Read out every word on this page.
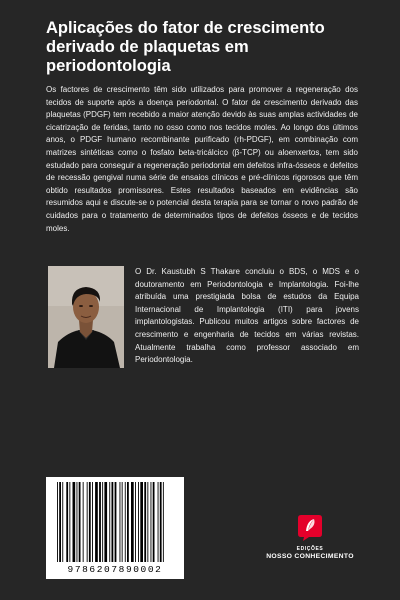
Aplicações do fator de crescimento derivado de plaquetas em periodontologia

Os factores de crescimento têm sido utilizados para promover a regeneração dos tecidos de suporte após a doença periodontal. O fator de crescimento derivado das plaquetas (PDGF) tem recebido a maior atenção devido às suas amplas actividades de cicatrização de feridas, tanto no osso como nos tecidos moles. Ao longo dos últimos anos, o PDGF humano recombinante purificado (rh-PDGF), em combinação com matrizes sintéticas como o fosfato beta-tricálcico (β-TCP) ou aloenxertos, tem sido estudado para conseguir a regeneração periodontal em defeitos infra-ósseos e defeitos de recessão gengival numa série de ensaios clínicos e pré-clínicos rigorosos que têm obtido resultados promissores. Estes resultados baseados em evidências são resumidos aqui e discute-se o potencial desta terapia para se tornar o novo padrão de cuidados para o tratamento de determinados tipos de defeitos ósseos e de tecidos moles.

O Dr. Kaustubh S Thakare concluiu o BDS, o MDS e o doutoramento em Periodontologia e Implantologia. Foi-lhe atribuída uma prestigiada bolsa de estudos da Equipa Internacional de Implantologia (ITI) para jovens implantologistas. Publicou muitos artigos sobre factores de crescimento e engenharia de tecidos em várias revistas. Atualmente trabalha como professor associado em Periodontologia.

9786207890002
EDIÇÕES
NOSSO CONHECIMENTO
